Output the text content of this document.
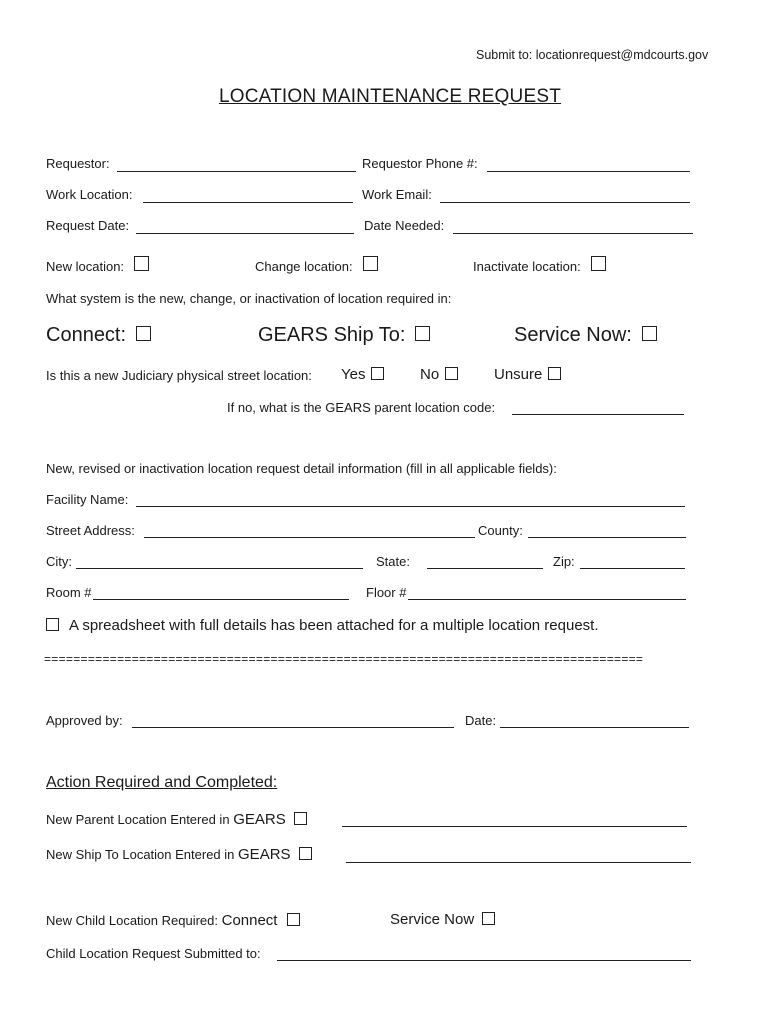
Submit to: locationrequest@mdcourts.gov
LOCATION MAINTENANCE REQUEST
Requestor:	Requestor Phone #:
Work Location:	Work Email:
Request Date:	Date Needed:
New location:	Change location:	Inactivate location:
What system is the new, change, or inactivation of location required in:
Connect:	GEARS Ship To:	Service Now:
Is this a new Judiciary physical street location: Yes	No	Unsure
If no, what is the GEARS parent location code:
New, revised or inactivation location request detail information (fill in all applicable fields):
Facility Name:
Street Address:	County:
City:	State:	Zip:
Room #	Floor #
A spreadsheet with full details has been attached for a multiple location request.
==================================================================================
Approved by:	Date:
Action Required and Completed:
New Parent Location Entered in GEARS
New Ship To Location Entered in GEARS
New Child Location Required: Connect	Service Now
Child Location Request Submitted to:
